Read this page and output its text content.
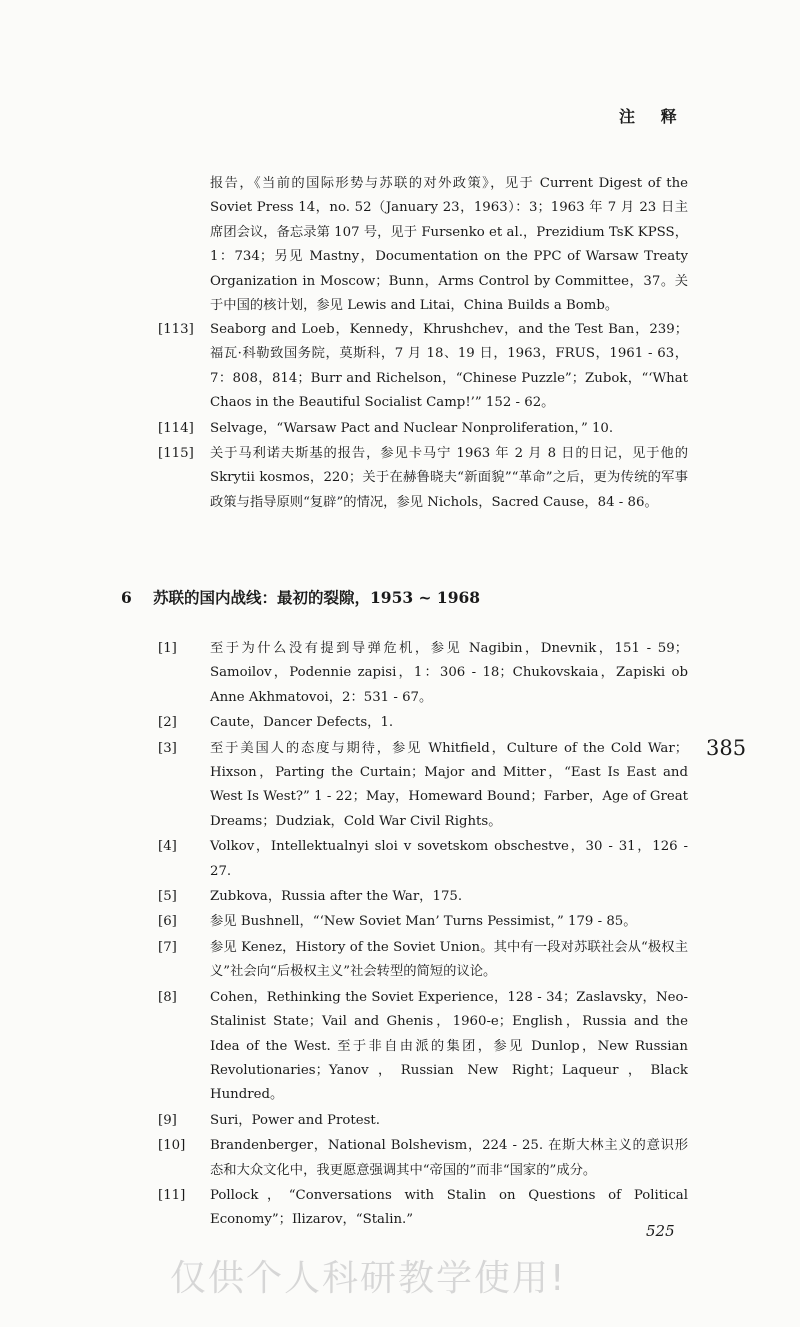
注 释

报告，《当前的国际形势与苏联的对外政策》，见于 Current Digest of the Soviet Press 14，no. 52（January 23，1963）：3；1963 年 7 月 23 日主席团会议，备忘录第 107 号，见于 Fursenko et al.，Prezidium TsK KPSS，1：734；另见 Mastny，Documentation on the PPC of Warsaw Treaty Organization in Moscow；Bunn，Arms Control by Committee，37。关于中国的核计划，参见 Lewis and Litai，China Builds a Bomb。

[113]	Seaborg and Loeb，Kennedy，Khrushchev，and the Test Ban，239；福瓦·科勒致国务院，莫斯科，7 月 18、19 日，1963，FRUS，1961 - 63，7：808，814；Burr and Richelson，“Chinese Puzzle”；Zubok，“‘What Chaos in the Beautiful Socialist Camp!’” 152 - 62。
[114]	Selvage，“Warsaw Pact and Nuclear Nonproliferation，” 10.
[115]	关于马利诺夫斯基的报告，参见卡马宁 1963 年 2 月 8 日的日记，见于他的 Skrytii kosmos，220；关于在赫鲁晓夫“新面貌”“革命”之后，更为传统的军事政策与指导原则“复辟”的情况，参见 Nichols，Sacred Cause，84 - 86。
6 苏联的国内战线：最初的裂隙，1953 ~ 1968
[1]	至于为什么没有提到导弹危机，参见 Nagibin，Dnevnik，151 - 59；Samoilov，Podennie zapisi，1：306 - 18；Chukovskaia，Zapiski ob Anne Akhmatovoi，2：531 - 67。
[2]	Caute，Dancer Defects，1.
[3]	至于美国人的态度与期待，参见 Whitfield，Culture of the Cold War；Hixson，Parting the Curtain；Major and Mitter，“East Is East and West Is West?” 1 - 22；May，Homeward Bound；Farber，Age of Great Dreams；Dudziak，Cold War Civil Rights。
[4]	Volkov，Intellektualnyi sloi v sovetskom obschestve，30 - 31，126 - 27.
[5]	Zubkova，Russia after the War，175.
[6]	参见 Bushnell，“‘New Soviet Man’ Turns Pessimist，” 179 - 85。
[7]	参见 Kenez，History of the Soviet Union。其中有一段对苏联社会从“极权主义”社会向“后极权主义”社会转型的简短的议论。
[8]	Cohen，Rethinking the Soviet Experience，128 - 34；Zaslavsky，Neo-Stalinist State；Vail and Ghenis，1960-e；English，Russia and the Idea of the West. 至于非自由派的集团，参见 Dunlop，New Russian Revolutionaries；Yanov，Russian New Right；Laqueur，Black Hundred。
[9]	Suri，Power and Protest.
[10]	Brandenberger，National Bolshevism，224 - 25. 在斯大林主义的意识形态和大众文化中，我更愿意强调其中“帝国的”而非“国家的”成分。
[11]	Pollock，“Conversations with Stalin on Questions of Political Economy”；Ilizarov，“Stalin.”
385
525
仅供个人科研教学使用!
